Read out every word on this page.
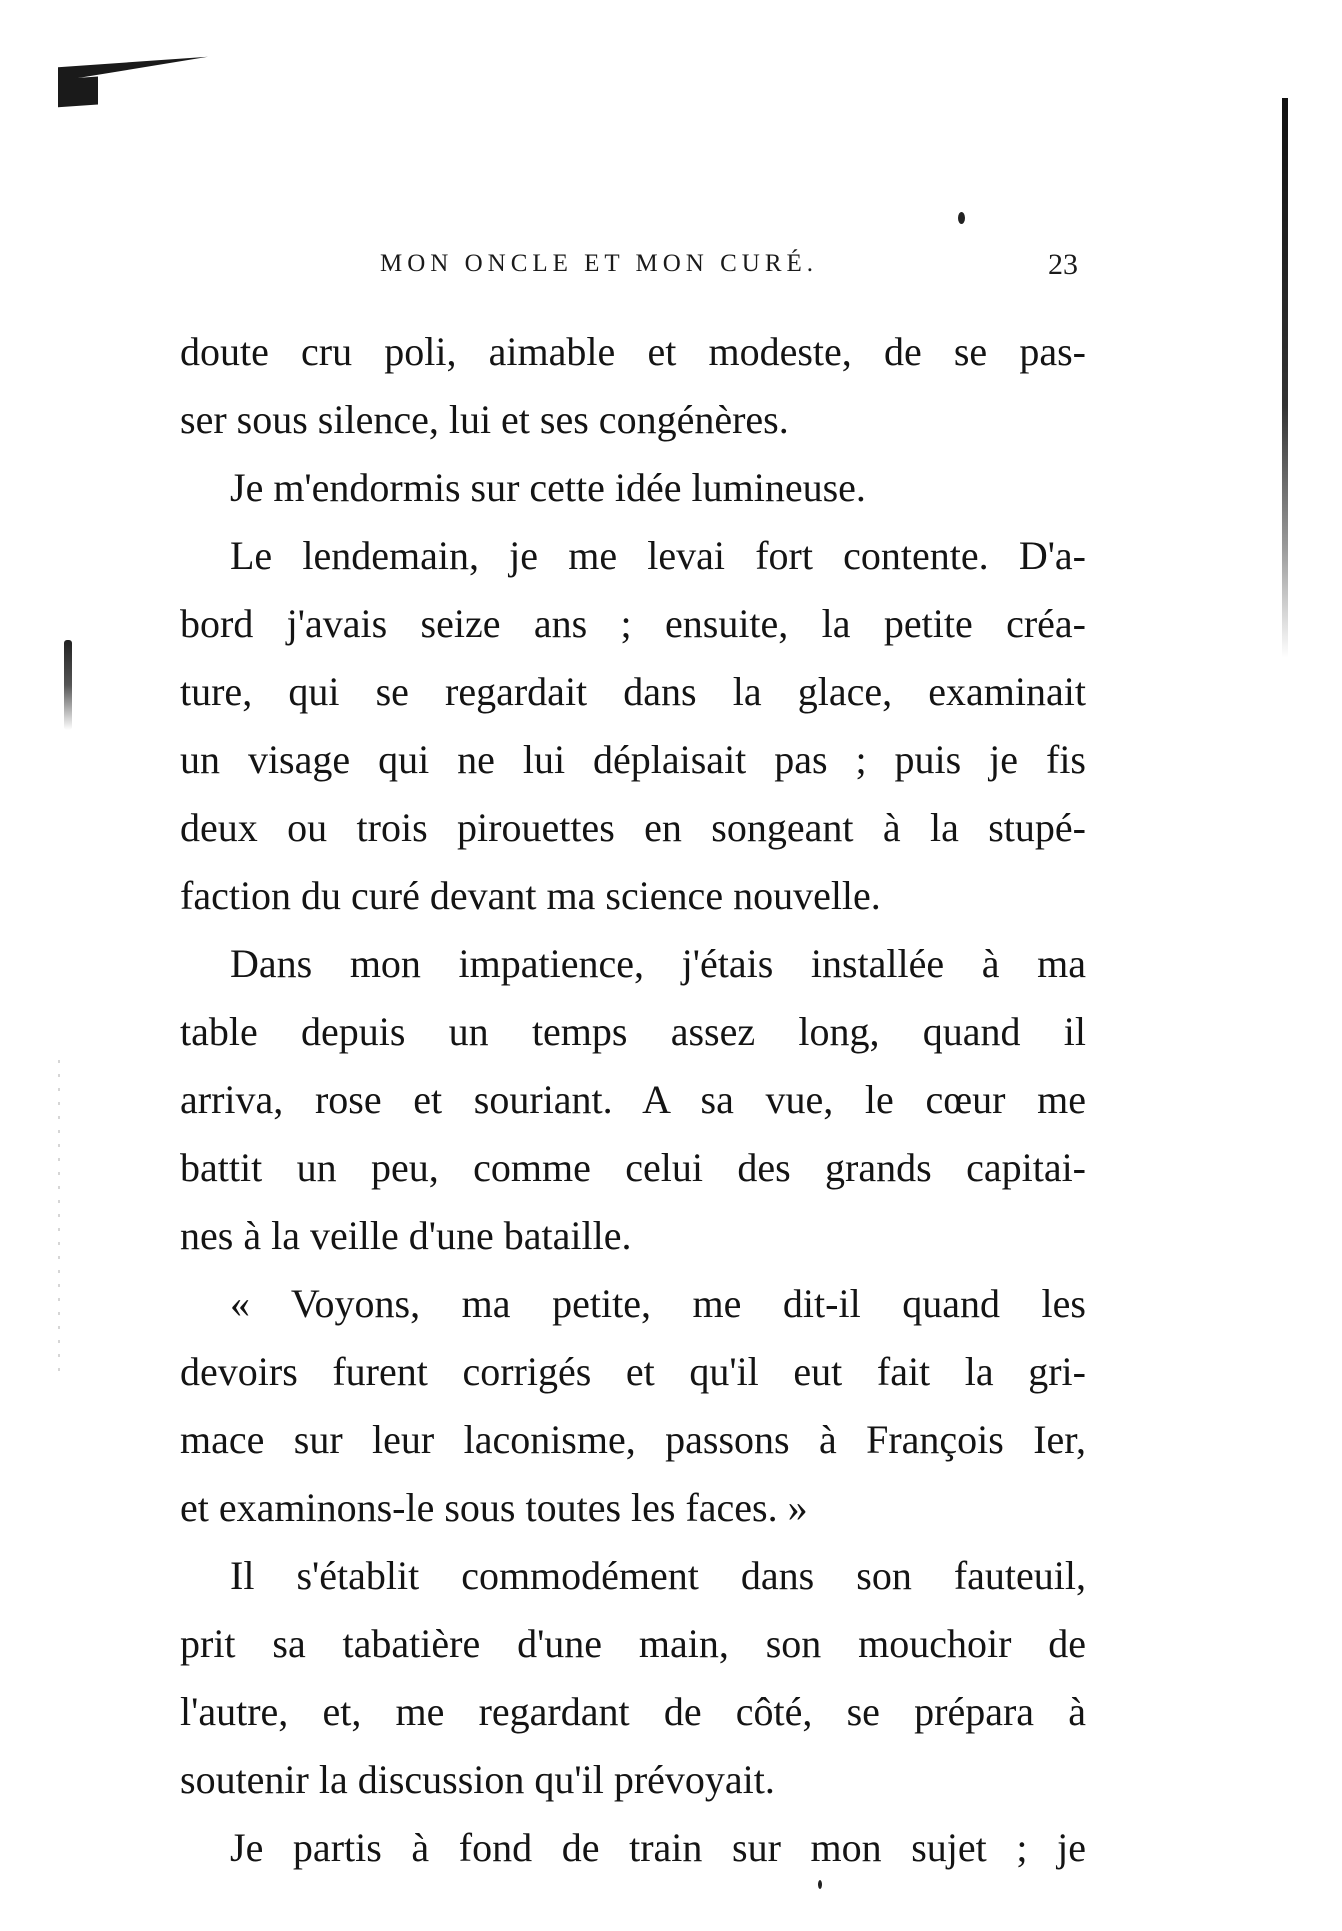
MON ONCLE ET MON CURÉ.	23
doute cru poli, aimable et modeste, de se pas-
ser sous silence, lui et ses congénères.
Je m'endormis sur cette idée lumineuse.
Le lendemain, je me levai fort contente. D'a-
bord j'avais seize ans ; ensuite, la petite créa-
ture, qui se regardait dans la glace, examinait
un visage qui ne lui déplaisait pas ; puis je fis
deux ou trois pirouettes en songeant à la stupé-
faction du curé devant ma science nouvelle.
Dans mon impatience, j'étais installée à ma
table depuis un temps assez long, quand il
arriva, rose et souriant. A sa vue, le cœur me
battit un peu, comme celui des grands capitai-
nes à la veille d'une bataille.
« Voyons, ma petite, me dit-il quand les
devoirs furent corrigés et qu'il eut fait la gri-
mace sur leur laconisme, passons à François Ier,
et examinons-le sous toutes les faces. »
Il s'établit commodément dans son fauteuil,
prit sa tabatière d'une main, son mouchoir de
l'autre, et, me regardant de côté, se prépara à
soutenir la discussion qu'il prévoyait.
Je partis à fond de train sur mon sujet ; je
